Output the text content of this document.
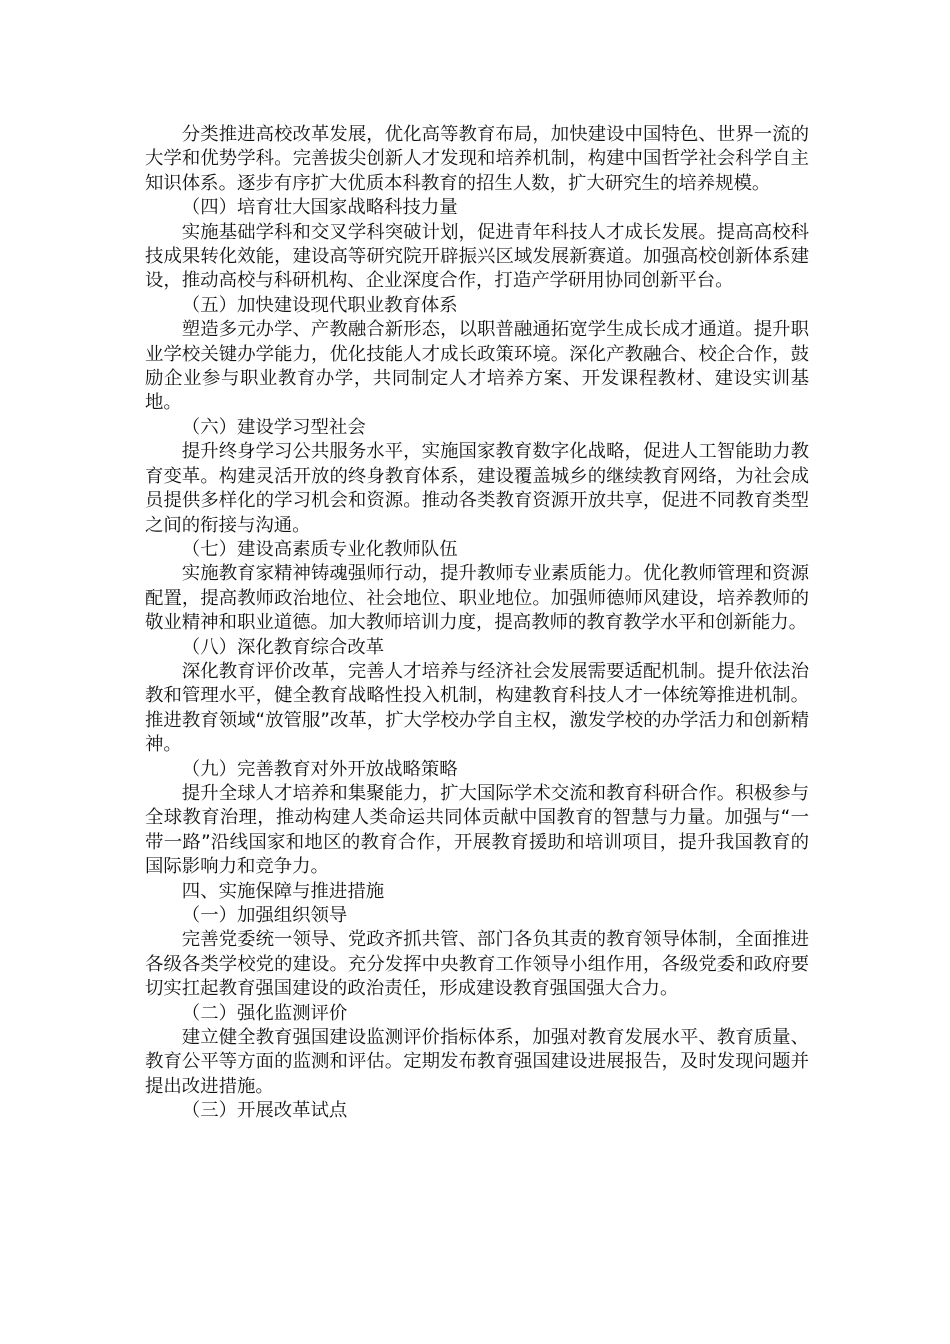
分类推进高校改革发展，优化高等教育布局，加快建设中国特色、世界一流的大学和优势学科。完善拔尖创新人才发现和培养机制，构建中国哲学社会科学自主知识体系。逐步有序扩大优质本科教育的招生人数，扩大研究生的培养规模。

（四）培育壮大国家战略科技力量

实施基础学科和交叉学科突破计划，促进青年科技人才成长发展。提高高校科技成果转化效能，建设高等研究院开辟振兴区域发展新赛道。加强高校创新体系建设，推动高校与科研机构、企业深度合作，打造产学研用协同创新平台。

（五）加快建设现代职业教育体系

塑造多元办学、产教融合新形态，以职普融通拓宽学生成长成才通道。提升职业学校关键办学能力，优化技能人才成长政策环境。深化产教融合、校企合作，鼓励企业参与职业教育办学，共同制定人才培养方案、开发课程教材、建设实训基地。

（六）建设学习型社会

提升终身学习公共服务水平，实施国家教育数字化战略，促进人工智能助力教育变革。构建灵活开放的终身教育体系，建设覆盖城乡的继续教育网络，为社会成员提供多样化的学习机会和资源。推动各类教育资源开放共享，促进不同教育类型之间的衔接与沟通。

（七）建设高素质专业化教师队伍

实施教育家精神铸魂强师行动，提升教师专业素质能力。优化教师管理和资源配置，提高教师政治地位、社会地位、职业地位。加强师德师风建设，培养教师的敬业精神和职业道德。加大教师培训力度，提高教师的教育教学水平和创新能力。

（八）深化教育综合改革

深化教育评价改革，完善人才培养与经济社会发展需要适配机制。提升依法治教和管理水平，健全教育战略性投入机制，构建教育科技人才一体统筹推进机制。推进教育领域“放管服”改革，扩大学校办学自主权，激发学校的办学活力和创新精神。

（九）完善教育对外开放战略策略

提升全球人才培养和集聚能力，扩大国际学术交流和教育科研合作。积极参与全球教育治理，推动构建人类命运共同体贡献中国教育的智慧与力量。加强与“一带一路”沿线国家和地区的教育合作，开展教育援助和培训项目，提升我国教育的国际影响力和竞争力。

四、实施保障与推进措施

（一）加强组织领导

完善党委统一领导、党政齐抓共管、部门各负其责的教育领导体制，全面推进各级各类学校党的建设。充分发挥中央教育工作领导小组作用，各级党委和政府要切实扛起教育强国建设的政治责任，形成建设教育强国强大合力。

（二）强化监测评价

建立健全教育强国建设监测评价指标体系，加强对教育发展水平、教育质量、教育公平等方面的监测和评估。定期发布教育强国建设进展报告，及时发现问题并提出改进措施。

（三）开展改革试点
